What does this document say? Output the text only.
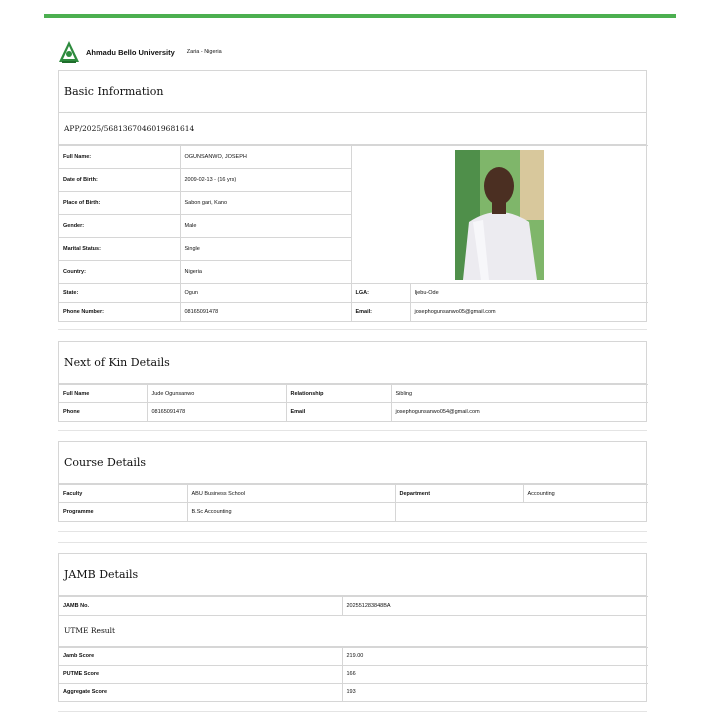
Ahmadu Bello University Zaria - Nigeria
Basic Information
APP/2025/568136704601968​1614
Full Name:	OGUNSANWO, JOSEPH	

Date of Birth:	2009-02-13 - (16 yrs)		
Place of Birth:	Sabon gari, Kano		
Gender:	Male		
Marital Status:	Single		
Country:	Nigeria		
State:	Ogun	LGA:	Ijebu-Ode
Phone Number:	08165091478	Email:	josephogunsanwo05@gmail.com
Next of Kin Details
Full Name	Jude Ogunsanwo	Relationship	Sibling
Phone	08165091478	Email	josephogunsanwo054@gmail.com
Course Details
Faculty	ABU Business School	Department	Accounting
Programme	B.Sc Accounting		
JAMB Details
JAMB No.	202551283848BA
UTME Result
Jamb Score	219.00
PUTME Score	166
Aggregate Score	193
